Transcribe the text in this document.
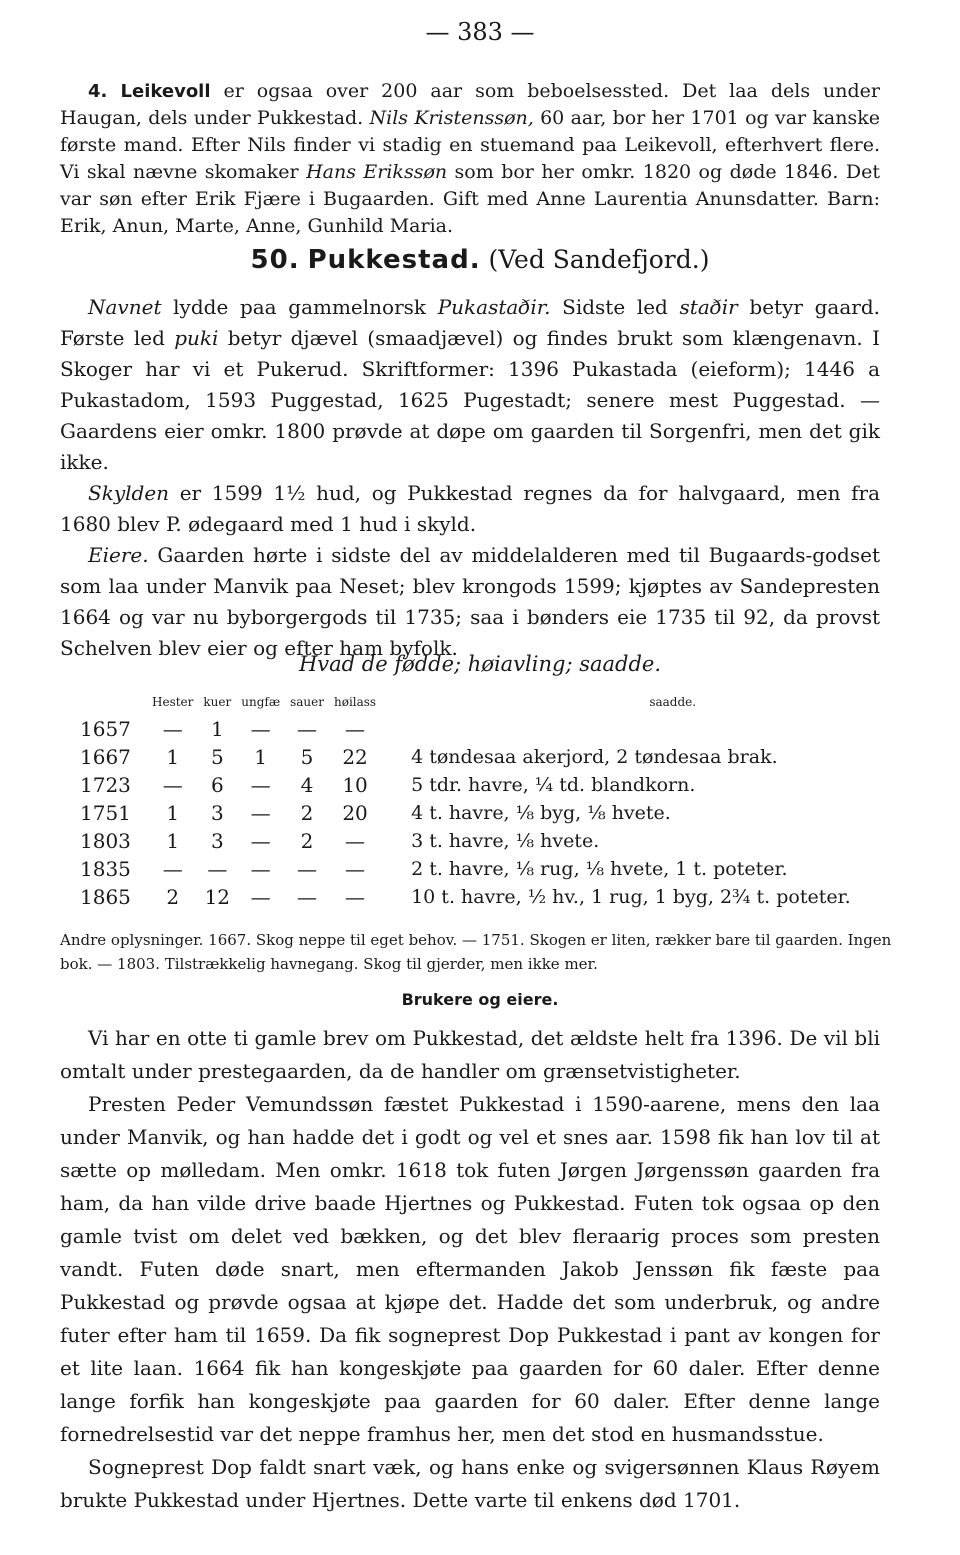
— 383 —

4. Leikevoll er ogsaa over 200 aar som beboelsessted. Det laa dels under Haugan, dels under Pukkestad. Nils Kristenssøn, 60 aar, bor her 1701 og var kanske første mand. Efter Nils finder vi stadig en stuemand paa Leikevoll, efterhvert flere. Vi skal nævne skomaker Hans Erikssøn som bor her omkr. 1820 og døde 1846. Det var søn efter Erik Fjære i Bugaarden. Gift med Anne Laurentia Anunsdatter. Barn: Erik, Anun, Marte, Anne, Gunhild Maria.

50. Pukkestad. (Ved Sandefjord.)

Navnet lydde paa gammelnorsk Pukastaðir. Sidste led staðir betyr gaard. Første led puki betyr djævel (smaadjævel) og findes brukt som klængenavn. I Skoger har vi et Pukerud. Skriftformer: 1396 Pukastada (eieform); 1446 a Pukastadom, 1593 Puggestad, 1625 Pugestadt; senere mest Puggestad. — Gaardens eier omkr. 1800 prøvde at døpe om gaarden til Sorgenfri, men det gik ikke.

Skylden er 1599 1½ hud, og Pukkestad regnes da for halvgaard, men fra 1680 blev P. ødegaard med 1 hud i skyld.

Eiere. Gaarden hørte i sidste del av middelalderen med til Bugaards-godset som laa under Manvik paa Neset; blev krongods 1599; kjøptes av Sandepresten 1664 og var nu byborgergods til 1735; saa i bønders eie 1735 til 92, da provst Schelven blev eier og efter ham byfolk.

Hvad de fødde; høiavling; saadde.
	Hester	kuer	ungfæ	sauer	høilass	saadde.
1657	—	1	—	—	—	
1667	1	5	1	5	22	4 tøndesaa akerjord, 2 tøndesaa brak.
1723	—	6	—	4	10	5 tdr. havre, ¼ td. blandkorn.
1751	1	3	—	2	20	4 t. havre, ⅛ byg, ⅛ hvete.
1803	1	3	—	2	—	3 t. havre, ⅛ hvete.
1835	—	—	—	—	—	2 t. havre, ⅛ rug, ⅛ hvete, 1 t. poteter.
1865	2	12	—	—	—	10 t. havre, ½ hv., 1 rug, 1 byg, 2¾ t. poteter.
Andre oplysninger. 1667. Skog neppe til eget behov. — 1751. Skogen er liten, rækker bare til gaarden. Ingen bok. — 1803. Tilstrækkelig havnegang. Skog til gjerder, men ikke mer.
Brukere og eiere.

Vi har en otte ti gamle brev om Pukkestad, det ældste helt fra 1396. De vil bli omtalt under prestegaarden, da de handler om grænsetvistigheter.

Presten Peder Vemundssøn fæstet Pukkestad i 1590-aarene, mens den laa under Manvik, og han hadde det i godt og vel et snes aar. 1598 fik han lov til at sætte op mølledam. Men omkr. 1618 tok futen Jørgen Jørgenssøn gaarden fra ham, da han vilde drive baade Hjertnes og Pukkestad. Futen tok ogsaa op den gamle tvist om delet ved bækken, og det blev fleraarig proces som presten vandt. Futen døde snart, men eftermanden Jakob Jenssøn fik fæste paa Pukkestad og prøvde ogsaa at kjøpe det. Hadde det som underbruk, og andre futer efter ham til 1659. Da fik sogneprest Dop Pukkestad i pant av kongen for et lite laan. 1664 fik han kongeskjøte paa gaarden for 60 daler. Efter denne lange forfik han kongeskjøte paa gaarden for 60 daler. Efter denne lange fornedrelsestid var det neppe framhus her, men det stod en husmandsstue.

Sogneprest Dop faldt snart væk, og hans enke og svigersønnen Klaus Røyem brukte Pukkestad under Hjertnes. Dette varte til enkens død 1701.
